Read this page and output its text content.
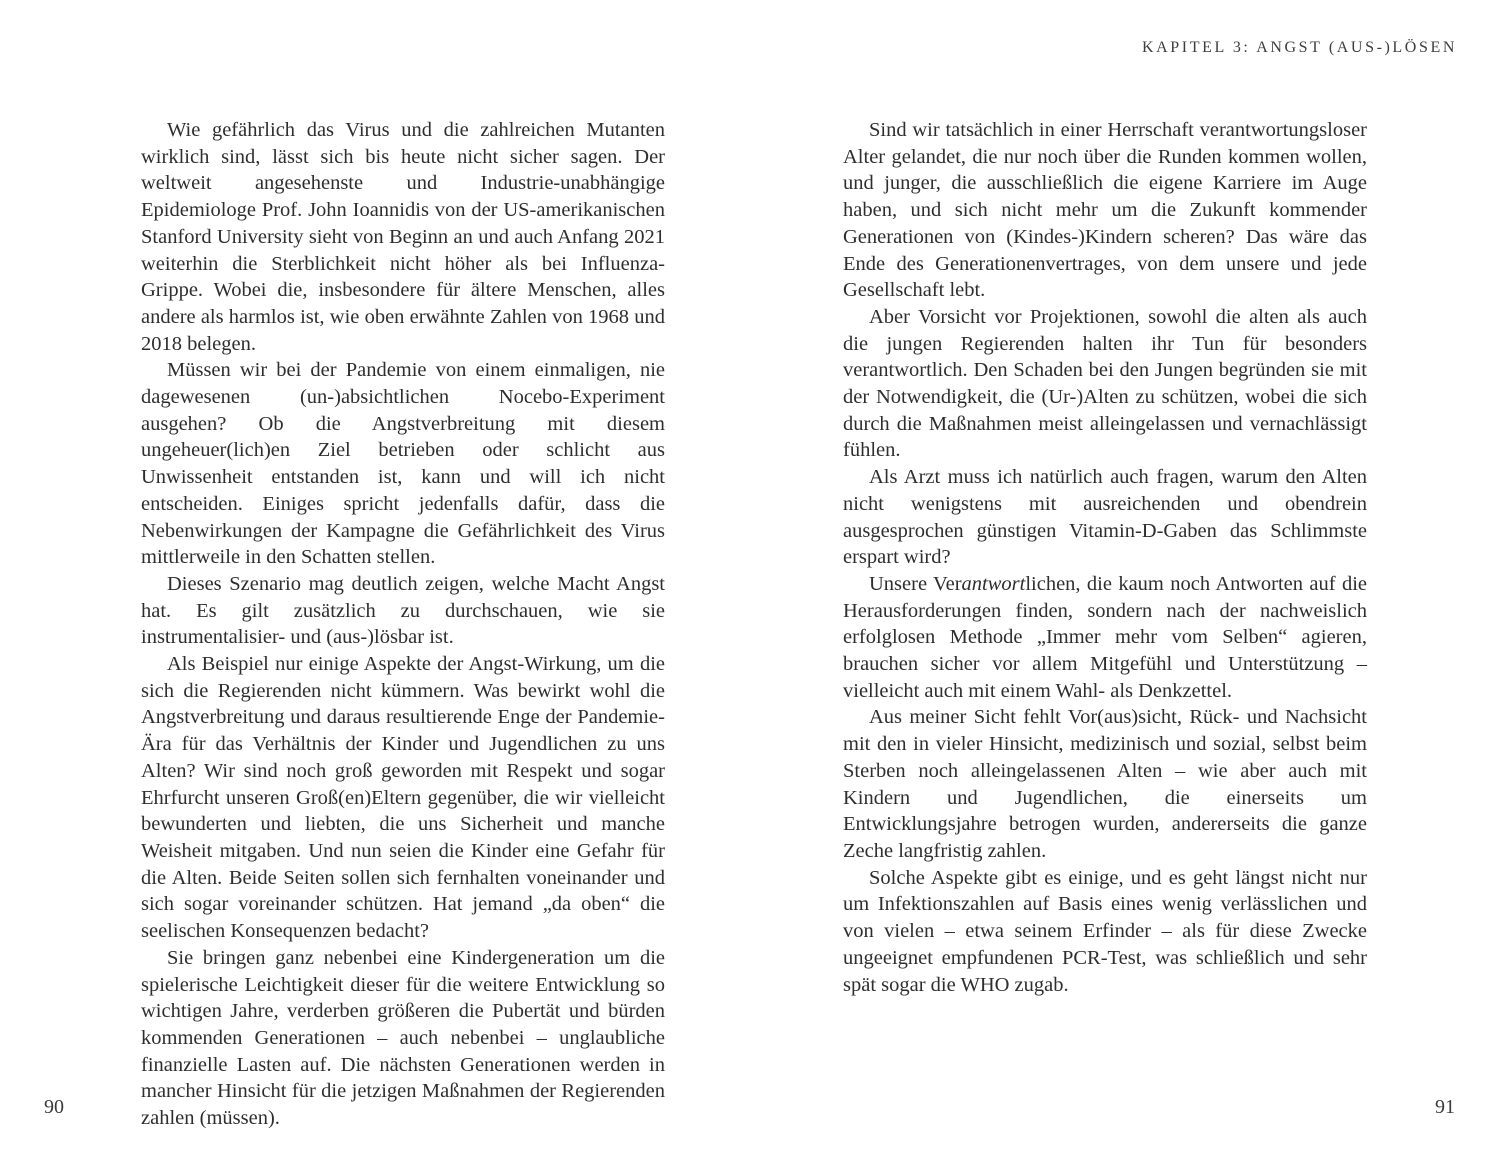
KAPITEL 3: ANGST (AUS-)LÖSEN

Wie gefährlich das Virus und die zahlreichen Mutanten wirklich sind, lässt sich bis heute nicht sicher sagen. Der weltweit angesehenste und Industrie-unabhängige Epidemiologe Prof. John Ioannidis von der US-amerikanischen Stanford University sieht von Beginn an und auch Anfang 2021 weiterhin die Sterblichkeit nicht höher als bei Influenza-Grippe. Wobei die, insbesondere für ältere Menschen, alles andere als harmlos ist, wie oben erwähnte Zahlen von 1968 und 2018 belegen.

Müssen wir bei der Pandemie von einem einmaligen, nie dagewesenen (un-)absichtlichen Nocebo-Experiment ausgehen? Ob die Angstverbreitung mit diesem ungeheuer(lich)en Ziel betrieben oder schlicht aus Unwissenheit entstanden ist, kann und will ich nicht entscheiden. Einiges spricht jedenfalls dafür, dass die Nebenwirkungen der Kampagne die Gefährlichkeit des Virus mittlerweile in den Schatten stellen.

Dieses Szenario mag deutlich zeigen, welche Macht Angst hat. Es gilt zusätzlich zu durchschauen, wie sie instrumentalisier- und (aus-)lösbar ist.

Als Beispiel nur einige Aspekte der Angst-Wirkung, um die sich die Regierenden nicht kümmern. Was bewirkt wohl die Angstverbreitung und daraus resultierende Enge der Pandemie-Ära für das Verhältnis der Kinder und Jugendlichen zu uns Alten? Wir sind noch groß geworden mit Respekt und sogar Ehrfurcht unseren Groß(en)Eltern gegenüber, die wir vielleicht bewunderten und liebten, die uns Sicherheit und manche Weisheit mitgaben. Und nun seien die Kinder eine Gefahr für die Alten. Beide Seiten sollen sich fernhalten voneinander und sich sogar voreinander schützen. Hat jemand „da oben“ die seelischen Konsequenzen bedacht?

Sie bringen ganz nebenbei eine Kindergeneration um die spielerische Leichtigkeit dieser für die weitere Entwicklung so wichtigen Jahre, verderben größeren die Pubertät und bürden kommenden Generationen – auch nebenbei – unglaubliche finanzielle Lasten auf. Die nächsten Generationen werden in mancher Hinsicht für die jetzigen Maßnahmen der Regierenden zahlen (müssen).

90

Sind wir tatsächlich in einer Herrschaft verantwortungsloser Alter gelandet, die nur noch über die Runden kommen wollen, und junger, die ausschließlich die eigene Karriere im Auge haben, und sich nicht mehr um die Zukunft kommender Generationen von (Kindes-)Kindern scheren? Das wäre das Ende des Generationenvertrages, von dem unsere und jede Gesellschaft lebt.

Aber Vorsicht vor Projektionen, sowohl die alten als auch die jungen Regierenden halten ihr Tun für besonders verantwortlich. Den Schaden bei den Jungen begründen sie mit der Notwendigkeit, die (Ur-)Alten zu schützen, wobei die sich durch die Maßnahmen meist alleingelassen und vernachlässigt fühlen.

Als Arzt muss ich natürlich auch fragen, warum den Alten nicht wenigstens mit ausreichenden und obendrein ausgesprochen günstigen Vitamin-D-Gaben das Schlimmste erspart wird?

Unsere Verantwortlichen, die kaum noch Antworten auf die Herausforderungen finden, sondern nach der nachweislich erfolglosen Methode „Immer mehr vom Selben“ agieren, brauchen sicher vor allem Mitgefühl und Unterstützung – vielleicht auch mit einem Wahl- als Denkzettel.

Aus meiner Sicht fehlt Vor(aus)sicht, Rück- und Nachsicht mit den in vieler Hinsicht, medizinisch und sozial, selbst beim Sterben noch alleingelassenen Alten – wie aber auch mit Kindern und Jugendlichen, die einerseits um Entwicklungsjahre betrogen wurden, andererseits die ganze Zeche langfristig zahlen.

Solche Aspekte gibt es einige, und es geht längst nicht nur um Infektionszahlen auf Basis eines wenig verlässlichen und von vielen – etwa seinem Erfinder – als für diese Zwecke ungeeignet empfundenen PCR-Test, was schließlich und sehr spät sogar die WHO zugab.

91
